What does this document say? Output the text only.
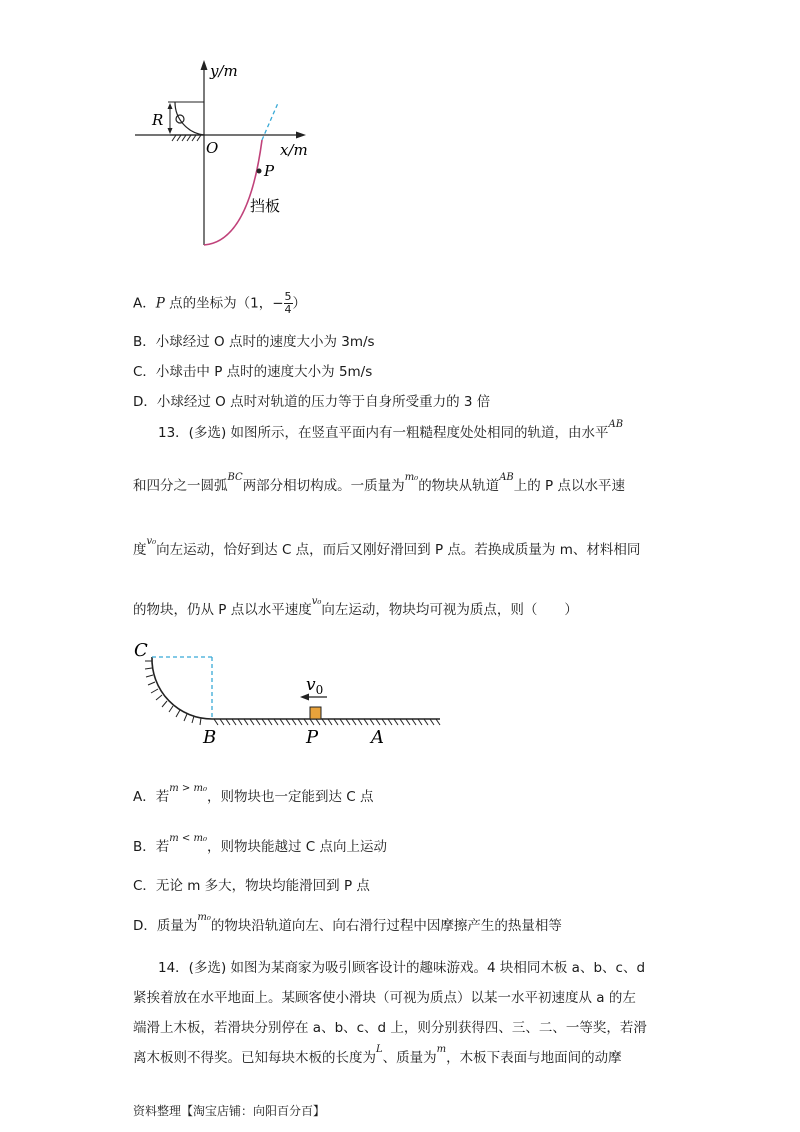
y/m
x/m
R
O
P
挡板
A．P 点的坐标为（1，− $\frac{5}{4}$ ）
B．小球经过 O 点时的速度大小为 3m/s
C．小球击中 P 点时的速度大小为 5m/s
D．小球经过 O 点时对轨道的压力等于自身所受重力的 3 倍
13．(多选) 如图所示，在竖直平面内有一粗糙程度处处相同的轨道，由水平$^{AB}$
和四分之一圆弧$^{BC}$两部分相切构成。一质量为$^{m_0}$的物块从轨道$^{AB}$上的 P 点以水平速
度$^{v_0}$向左运动，恰好到达 C 点，而后又刚好滑回到 P 点。若换成质量为 m、材料相同
的物块，仍从 P 点以水平速度$^{v_0}$向左运动，物块均可视为质点，则（　　）
C
B	P	A
$v_0$
A．若$^{m > m_0}$，则物块也一定能到达 C 点
B．若$^{m < m_0}$，则物块能越过 C 点向上运动
C．无论 m 多大，物块均能滑回到 P 点
D．质量为$^{m_0}$的物块沿轨道向左、向右滑行过程中因摩擦产生的热量相等
14．(多选) 如图为某商家为吸引顾客设计的趣味游戏。4 块相同木板 a、b、c、d
紧挨着放在水平地面上。某顾客使小滑块（可视为质点）以某一水平初速度从 a 的左
端滑上木板，若滑块分别停在 a、b、c、d 上，则分别获得四、三、二、一等奖，若滑
离木板则不得奖。已知每块木板的长度为$^L$、质量为$^m$，木板下表面与地面间的动摩
资料整理【淘宝店铺：向阳百分百】
